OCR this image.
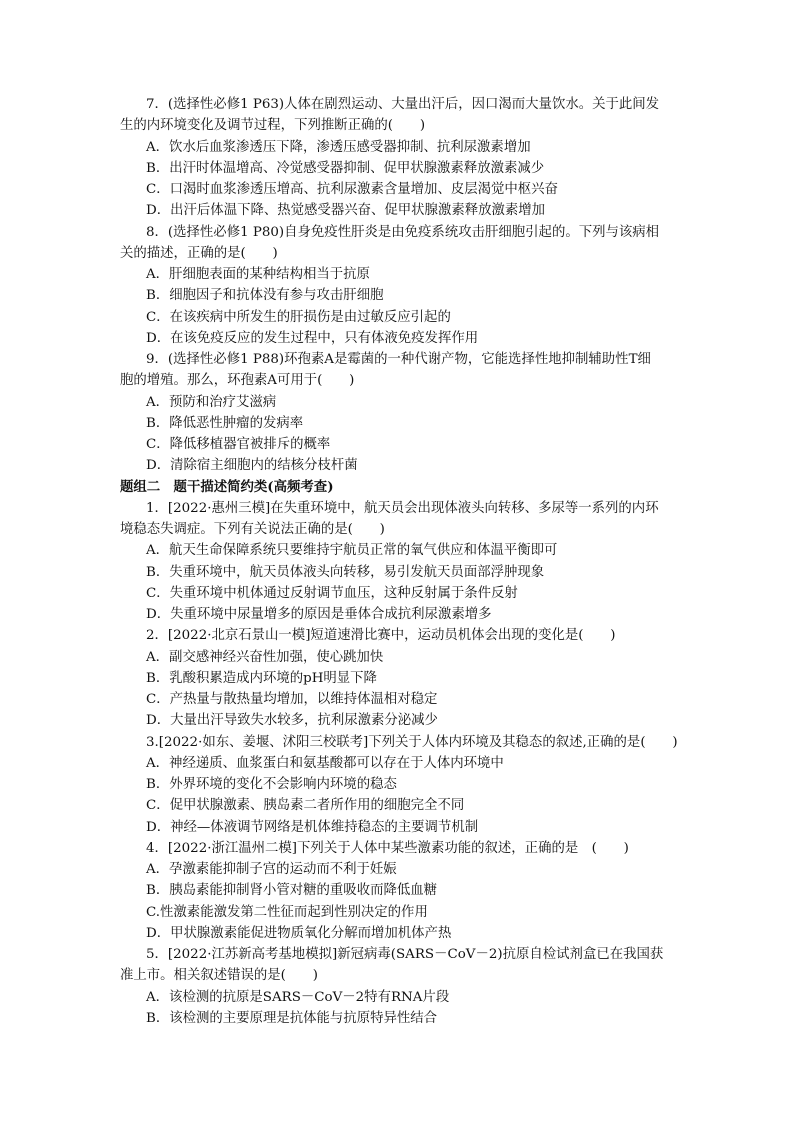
7．(选择性必修1 P63)人体在剧烈运动、大量出汗后，因口渴而大量饮水。关于此间发
生的内环境变化及调节过程，下列推断正确的(　　)
A．饮水后血浆渗透压下降，渗透压感受器抑制、抗利尿激素增加
B．出汗时体温增高、冷觉感受器抑制、促甲状腺激素释放激素减少
C．口渴时血浆渗透压增高、抗利尿激素含量增加、皮层渴觉中枢兴奋
D．出汗后体温下降、热觉感受器兴奋、促甲状腺激素释放激素增加
8．(选择性必修1 P80)自身免疫性肝炎是由免疫系统攻击肝细胞引起的。下列与该病相
关的描述，正确的是(　　)
A．肝细胞表面的某种结构相当于抗原
B．细胞因子和抗体没有参与攻击肝细胞
C．在该疾病中所发生的肝损伤是由过敏反应引起的
D．在该免疫反应的发生过程中，只有体液免疫发挥作用
9．(选择性必修1 P88)环孢素A是霉菌的一种代谢产物，它能选择性地抑制辅助性T细
胞的增殖。那么，环孢素A可用于(　　)
A．预防和治疗艾滋病
B．降低恶性肿瘤的发病率
C．降低移植器官被排斥的概率
D．清除宿主细胞内的结核分枝杆菌
题组二　题干描述简约类(高频考查)
1．[2022·惠州三模]在失重环境中，航天员会出现体液头向转移、多尿等一系列的内环
境稳态失调症。下列有关说法正确的是(　　)
A．航天生命保障系统只要维持宇航员正常的氧气供应和体温平衡即可
B．失重环境中，航天员体液头向转移，易引发航天员面部浮肿现象
C．失重环境中机体通过反射调节血压，这种反射属于条件反射
D．失重环境中尿量增多的原因是垂体合成抗利尿激素增多
2．[2022·北京石景山一模]短道速滑比赛中，运动员机体会出现的变化是(　　)
A．副交感神经兴奋性加强，使心跳加快
B．乳酸积累造成内环境的pH明显下降
C．产热量与散热量均增加，以维持体温相对稳定
D．大量出汗导致失水较多，抗利尿激素分泌减少
3.[2022·如东、姜堰、沭阳三校联考]下列关于人体内环境及其稳态的叙述,正确的是(　　)
A．神经递质、血浆蛋白和氨基酸都可以存在于人体内环境中
B．外界环境的变化不会影响内环境的稳态
C．促甲状腺激素、胰岛素二者所作用的细胞完全不同
D．神经—体液调节网络是机体维持稳态的主要调节机制
4．[2022·浙江温州二模]下列关于人体中某些激素功能的叙述，正确的是　(　　)
A．孕激素能抑制子宫的运动而不利于妊娠
B．胰岛素能抑制肾小管对糖的重吸收而降低血糖
C.性激素能激发第二性征而起到性别决定的作用
D．甲状腺激素能促进物质氧化分解而增加机体产热
5．[2022·江苏新高考基地模拟]新冠病毒(SARS－CoV－2)抗原自检试剂盒已在我国获
准上市。相关叙述错误的是(　　)
A．该检测的抗原是SARS－CoV－2特有RNA片段
B．该检测的主要原理是抗体能与抗原特异性结合
